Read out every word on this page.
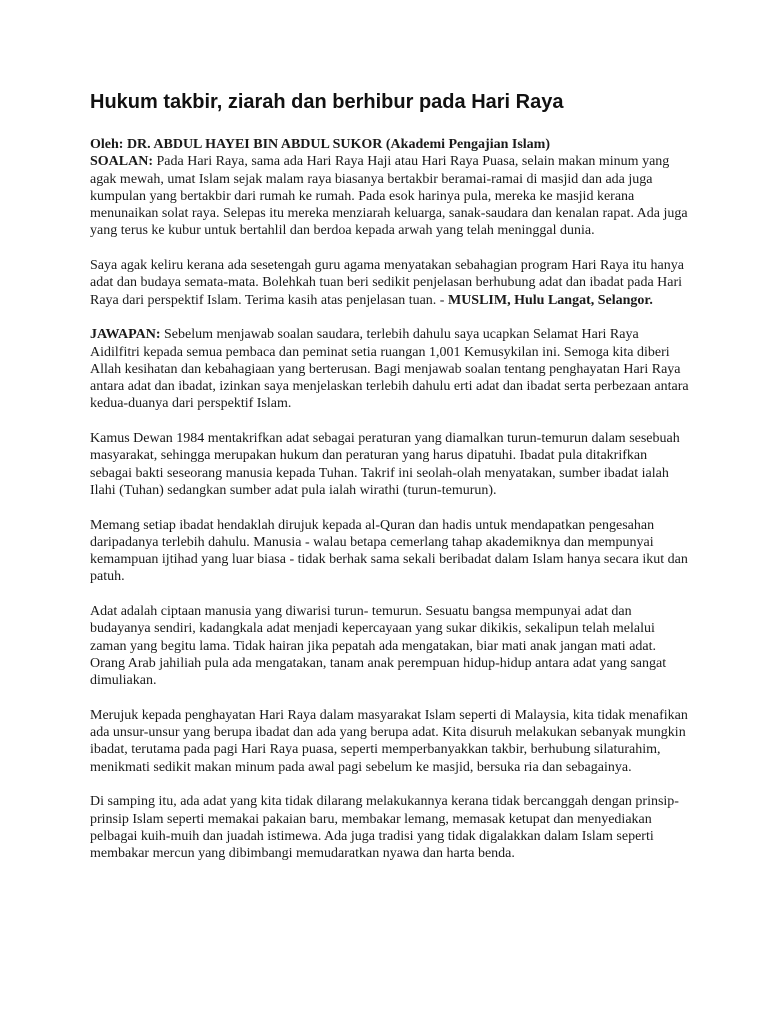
Hukum takbir, ziarah dan berhibur pada Hari Raya

Oleh: DR. ABDUL HAYEI BIN ABDUL SUKOR (Akademi Pengajian Islam)

SOALAN: Pada Hari Raya, sama ada Hari Raya Haji atau Hari Raya Puasa, selain makan minum yang agak mewah, umat Islam sejak malam raya biasanya bertakbir beramai-ramai di masjid dan ada juga kumpulan yang bertakbir dari rumah ke rumah. Pada esok harinya pula, mereka ke masjid kerana menunaikan solat raya. Selepas itu mereka menziarah keluarga, sanak-saudara dan kenalan rapat. Ada juga yang terus ke kubur untuk bertahlil dan berdoa kepada arwah yang telah meninggal dunia.

Saya agak keliru kerana ada sesetengah guru agama menyatakan sebahagian program Hari Raya itu hanya adat dan budaya semata-mata. Bolehkah tuan beri sedikit penjelasan berhubung adat dan ibadat pada Hari Raya dari perspektif Islam. Terima kasih atas penjelasan tuan. - MUSLIM, Hulu Langat, Selangor.

JAWAPAN: Sebelum menjawab soalan saudara, terlebih dahulu saya ucapkan Selamat Hari Raya Aidilfitri kepada semua pembaca dan peminat setia ruangan 1,001 Kemusykilan ini. Semoga kita diberi Allah kesihatan dan kebahagiaan yang berterusan. Bagi menjawab soalan tentang penghayatan Hari Raya antara adat dan ibadat, izinkan saya menjelaskan terlebih dahulu erti adat dan ibadat serta perbezaan antara kedua-duanya dari perspektif Islam.

Kamus Dewan 1984 mentakrifkan adat sebagai peraturan yang diamalkan turun-temurun dalam sesebuah masyarakat, sehingga merupakan hukum dan peraturan yang harus dipatuhi. Ibadat pula ditakrifkan sebagai bakti seseorang manusia kepada Tuhan. Takrif ini seolah-olah menyatakan, sumber ibadat ialah Ilahi (Tuhan) sedangkan sumber adat pula ialah wirathi (turun-temurun).

Memang setiap ibadat hendaklah dirujuk kepada al-Quran dan hadis untuk mendapatkan pengesahan daripadanya terlebih dahulu. Manusia - walau betapa cemerlang tahap akademiknya dan mempunyai kemampuan ijtihad yang luar biasa - tidak berhak sama sekali beribadat dalam Islam hanya secara ikut dan patuh.

Adat adalah ciptaan manusia yang diwarisi turun- temurun. Sesuatu bangsa mempunyai adat dan budayanya sendiri, kadangkala adat menjadi kepercayaan yang sukar dikikis, sekalipun telah melalui zaman yang begitu lama. Tidak hairan jika pepatah ada mengatakan, biar mati anak jangan mati adat. Orang Arab jahiliah pula ada mengatakan, tanam anak perempuan hidup-hidup antara adat yang sangat dimuliakan.

Merujuk kepada penghayatan Hari Raya dalam masyarakat Islam seperti di Malaysia, kita tidak menafikan ada unsur-unsur yang berupa ibadat dan ada yang berupa adat. Kita disuruh melakukan sebanyak mungkin ibadat, terutama pada pagi Hari Raya puasa, seperti memperbanyakkan takbir, berhubung silaturahim, menikmati sedikit makan minum pada awal pagi sebelum ke masjid, bersuka ria dan sebagainya.

Di samping itu, ada adat yang kita tidak dilarang melakukannya kerana tidak bercanggah dengan prinsip-prinsip Islam seperti memakai pakaian baru, membakar lemang, memasak ketupat dan menyediakan pelbagai kuih-muih dan juadah istimewa. Ada juga tradisi yang tidak digalakkan dalam Islam seperti membakar mercun yang dibimbangi memudaratkan nyawa dan harta benda.
